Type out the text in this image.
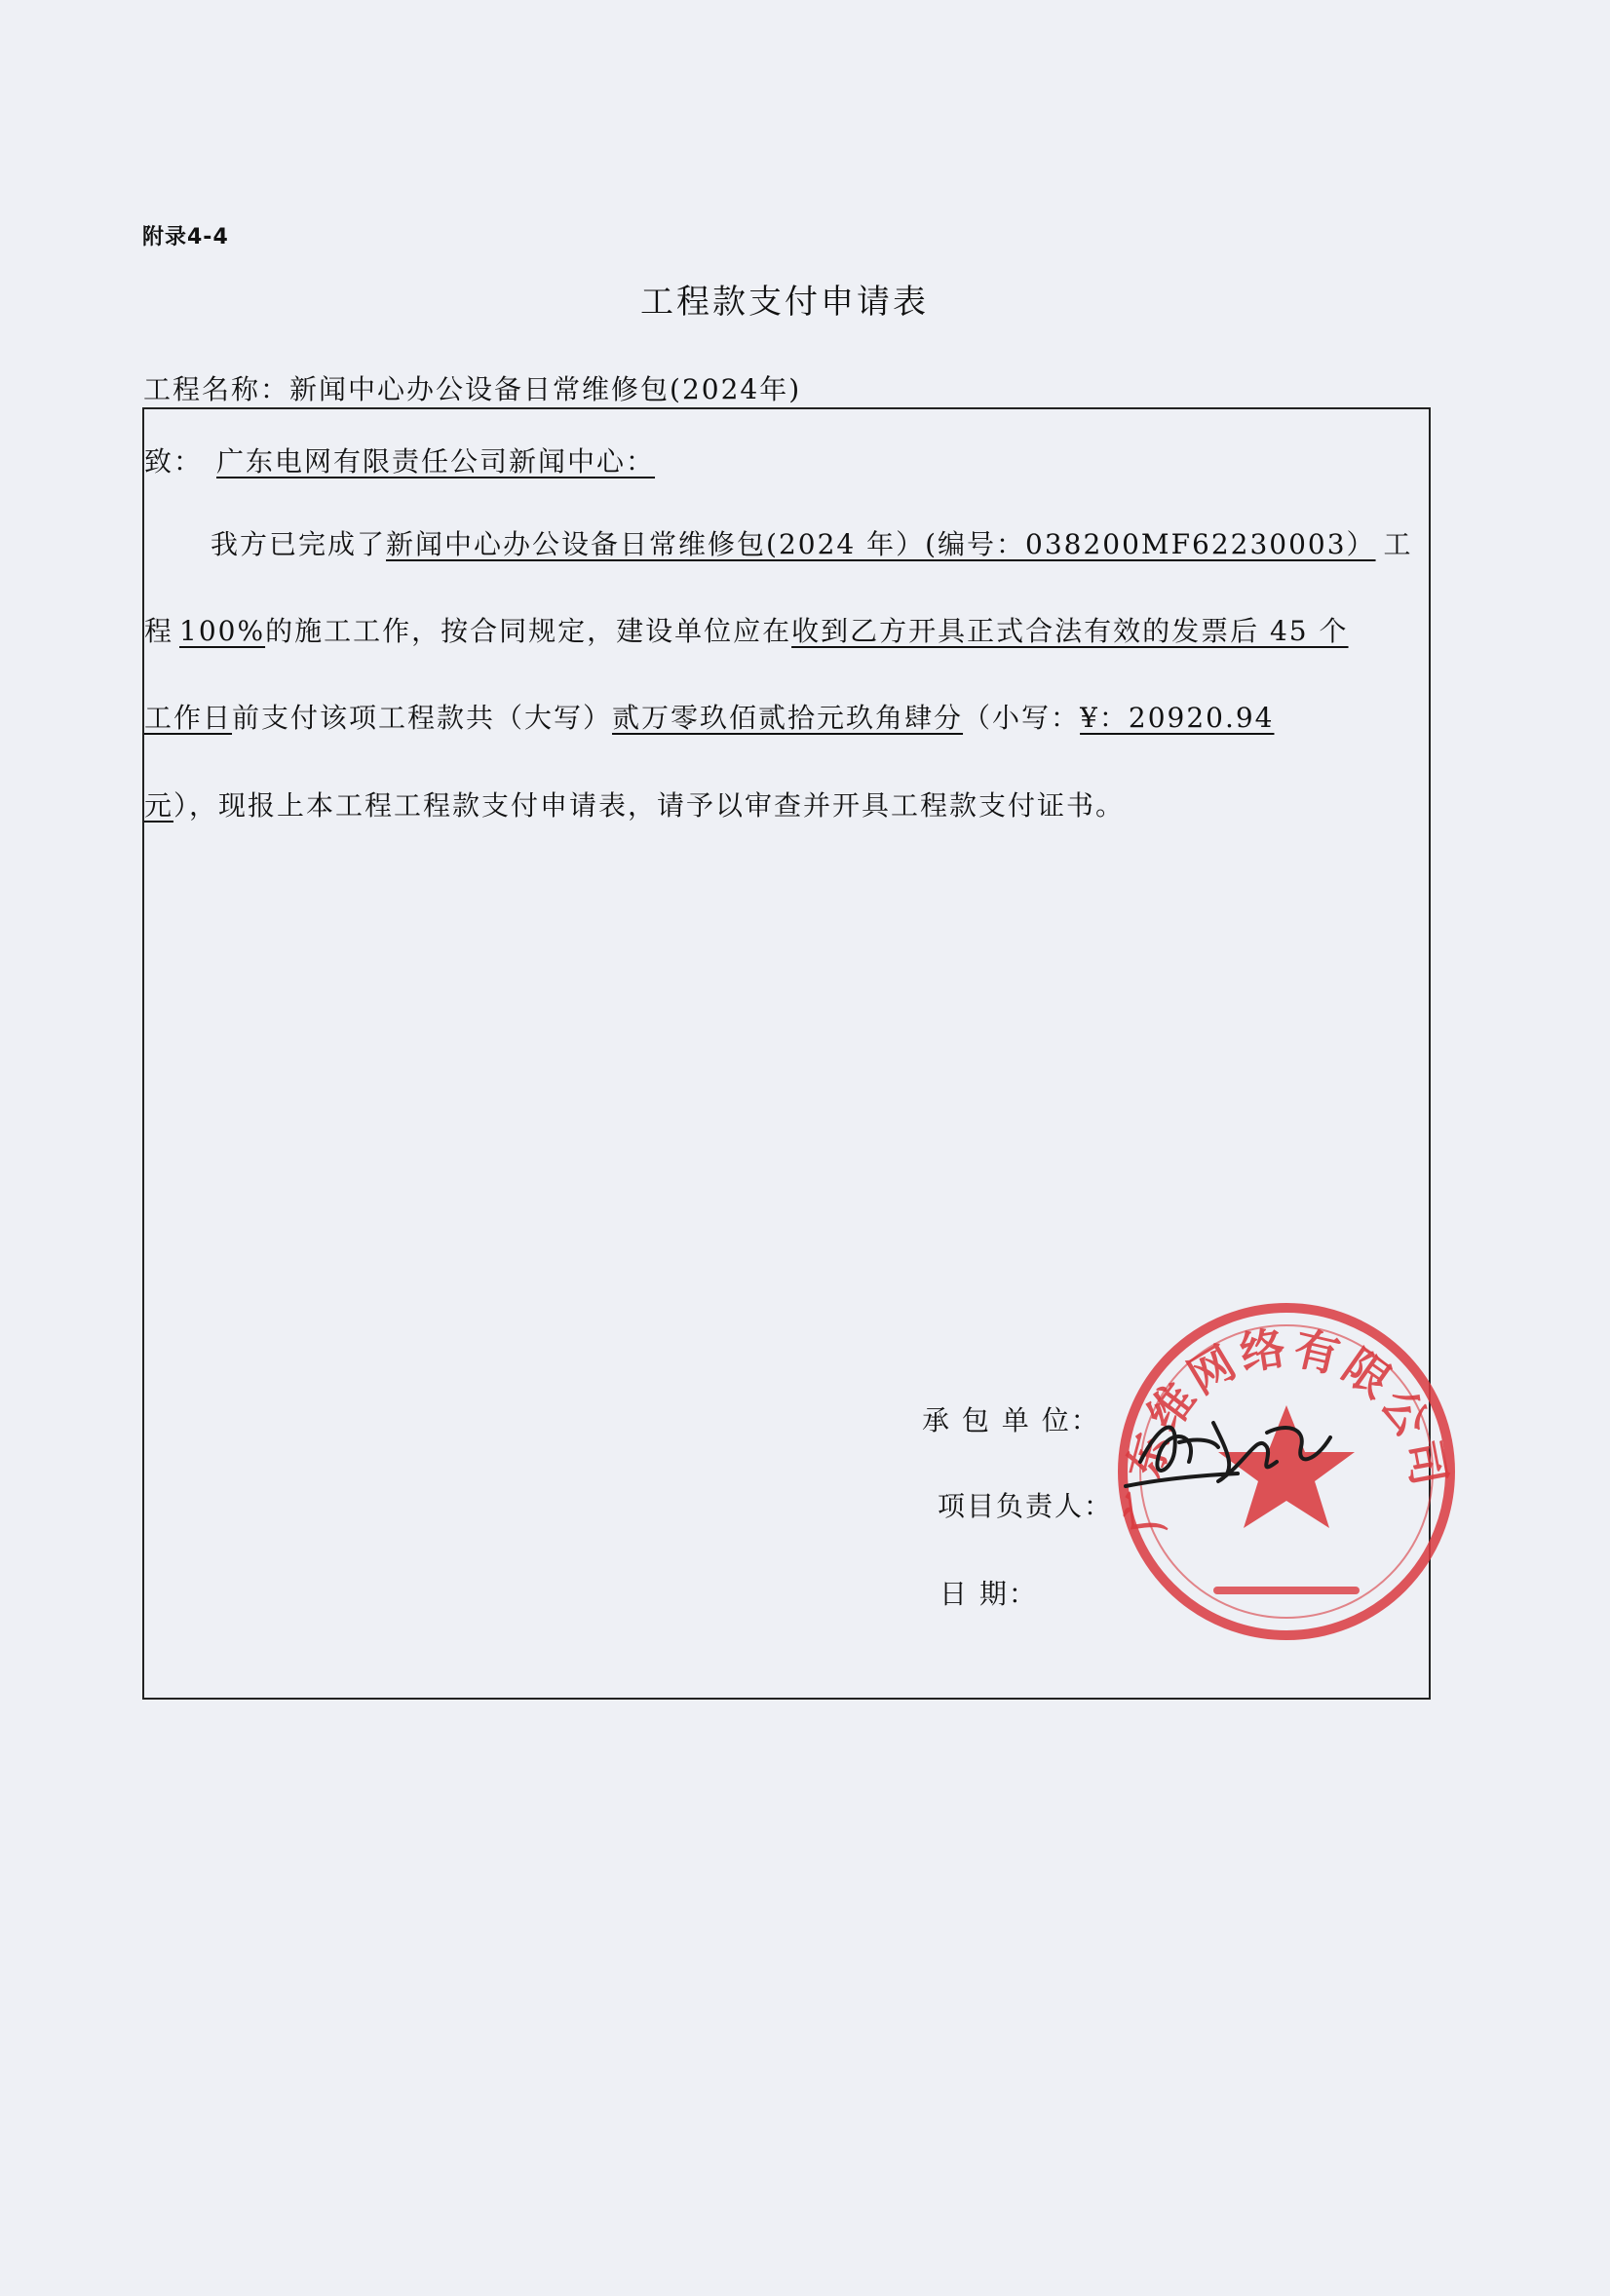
附录4-4
工程款支付申请表
工程名称：新闻中心办公设备日常维修包(2024年)
致： 广东电网有限责任公司新闻中心：
我方已完成了新闻中心办公设备日常维修包(2024 年）(编号：038200MF62230003） 工
程 100%的施工工作，按合同规定，建设单位应在收到乙方开具正式合法有效的发票后 45 个
工作日前支付该项工程款共（大写）贰万零玖佰贰拾元玖角肆分（小写：¥：20920.94
元），现报上本工程工程款支付申请表，请予以审查并开具工程款支付证书。
承 包 单 位：
项目负责人：
日 期：
广东维网络有限公司
